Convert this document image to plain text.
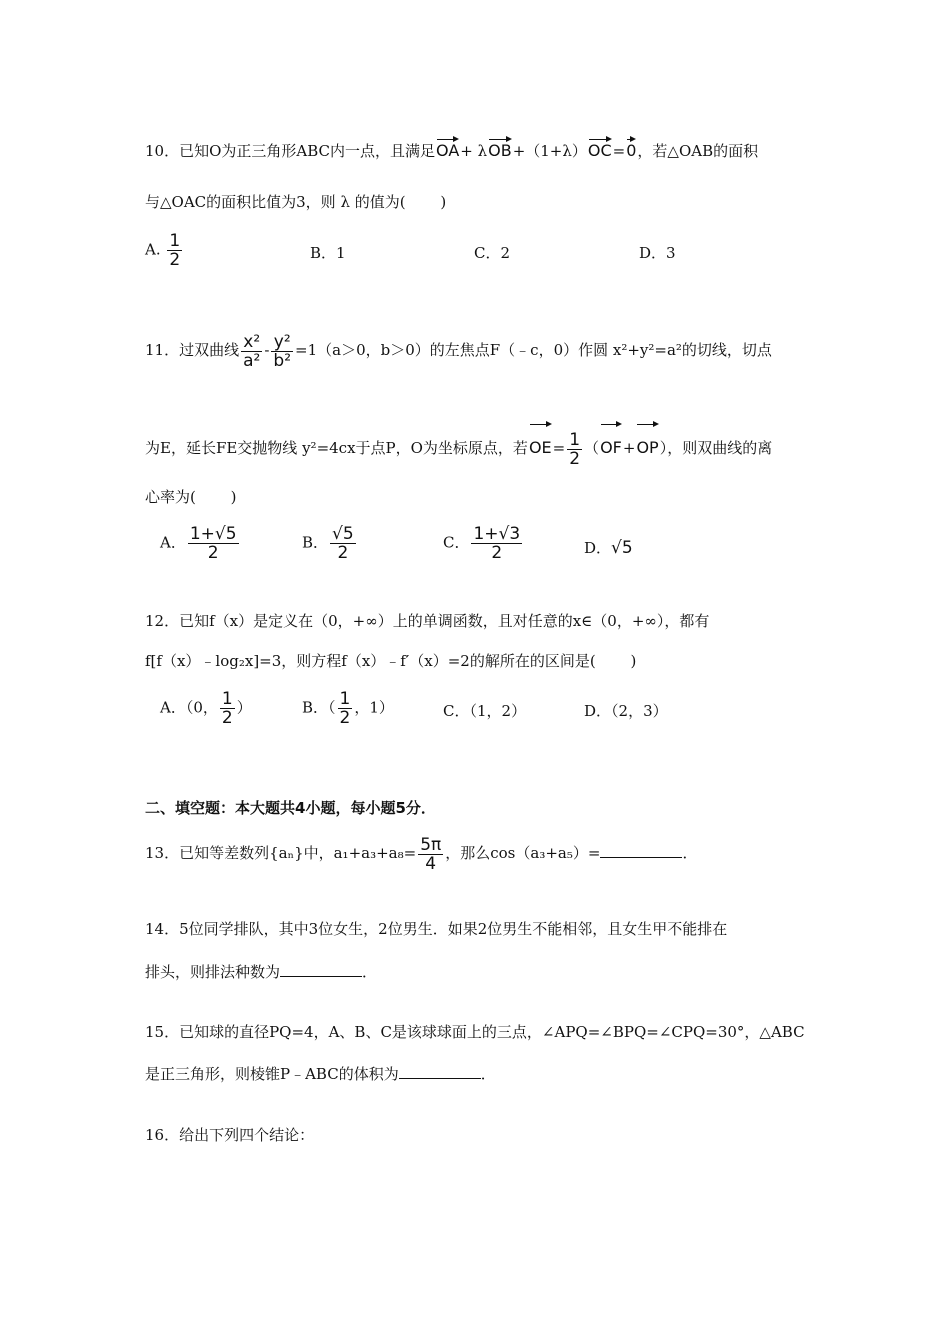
10．已知O为正三角形ABC内一点，且满足OA+ λOB+（1+λ）OC=0，若△OAB的面积
与△OAC的面积比值为3，则 λ 的值为(　　 )
A. $\frac{1}{2}$	B．1	C．2	D．3
11．过双曲线 $\frac{\text{x²}}{\text{a²}} - \frac{\text{y²}}{\text{b²}} =1(a>0$，b＞0）的左焦点F（﹣c，0）作圆 x²+y²=a²的切线，切点
为E，延长FE交抛物线 y²=4cx于点P，O为坐标原点，若$OE= \frac{1}{2} (OF+OP)$，则双曲线的离
心率为(　　 )
A． $\frac{1+√5}{2}$	B． $\frac{√5}{2}$	C． $\frac{1+√3}{2}$	D．√5
12．已知f（x）是定义在（0，+∞）上的单调函数，且对任意的x∈（0，+∞），都有
f[f（x）﹣log₂x]=3，则方程f（x）﹣f′（x）=2的解所在的区间是(　　 )
A．（0， $\frac{1}{2}$ ）	B．（ $\frac{1}{2}$ ，1）	C．（1，2）	D．（2，3）
二、填空题：本大题共4小题，每小题5分．
13．已知等差数列{aₙ}中，$a_1+a_3+a_8= \frac{5\pi}{4}$ ，那么cos（a₃+a₅）=	．
14．5位同学排队，其中3位女生，2位男生．如果2位男生不能相邻，且女生甲不能排在
排头，则排法种数为	．
15．已知球的直径PQ=4，A、B、C是该球球面上的三点，∠APQ=∠BPQ=∠CPQ=30°，△ABC
是正三角形，则棱锥P﹣ABC的体积为	．
16．给出下列四个结论：
